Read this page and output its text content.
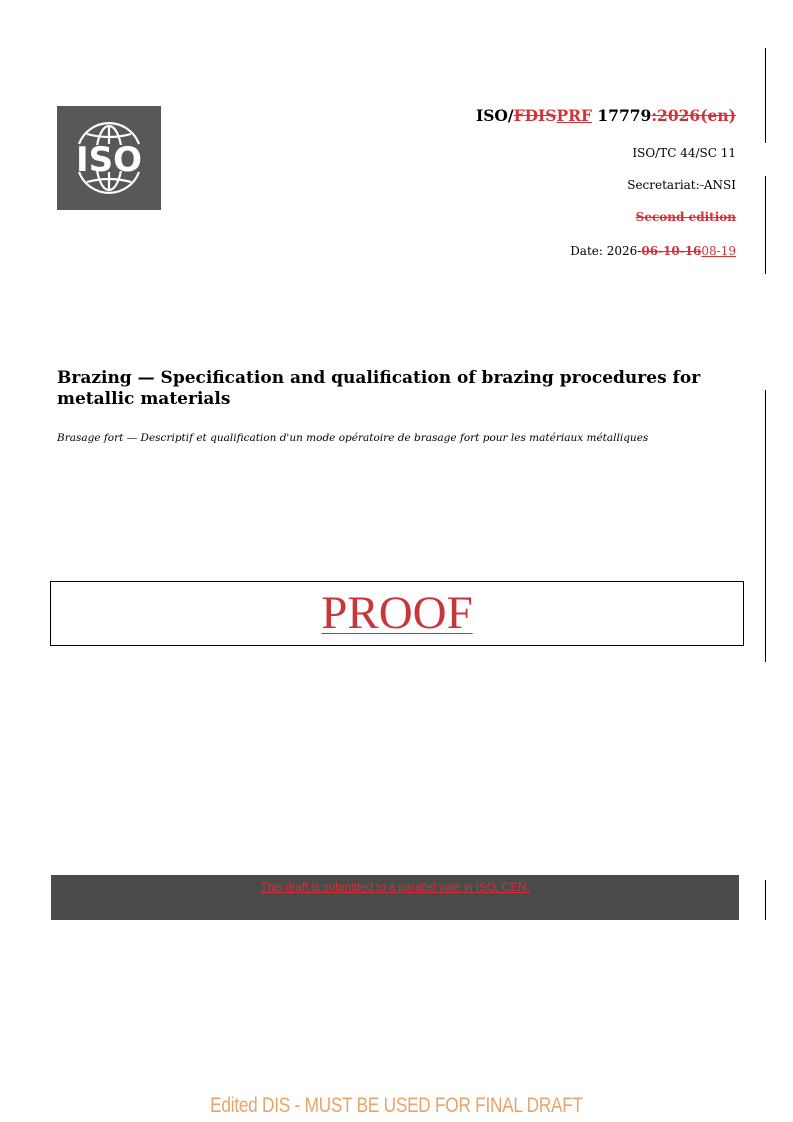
ISO
ISO/FDISPRF 17779:2026(en)
ISO/TC 44/SC 11
Secretariat: ANSI
Second edition
Date: 2026-06-10-1608-19
Brazing — Specification and qualification of brazing procedures for metallic materials
Brasage fort — Descriptif et qualification d'un mode opératoire de brasage fort pour les matériaux métalliques
PROOF
This draft is submitted to a parallel vote in ISO, CEN.
Edited DIS - MUST BE USED FOR FINAL DRAFT
